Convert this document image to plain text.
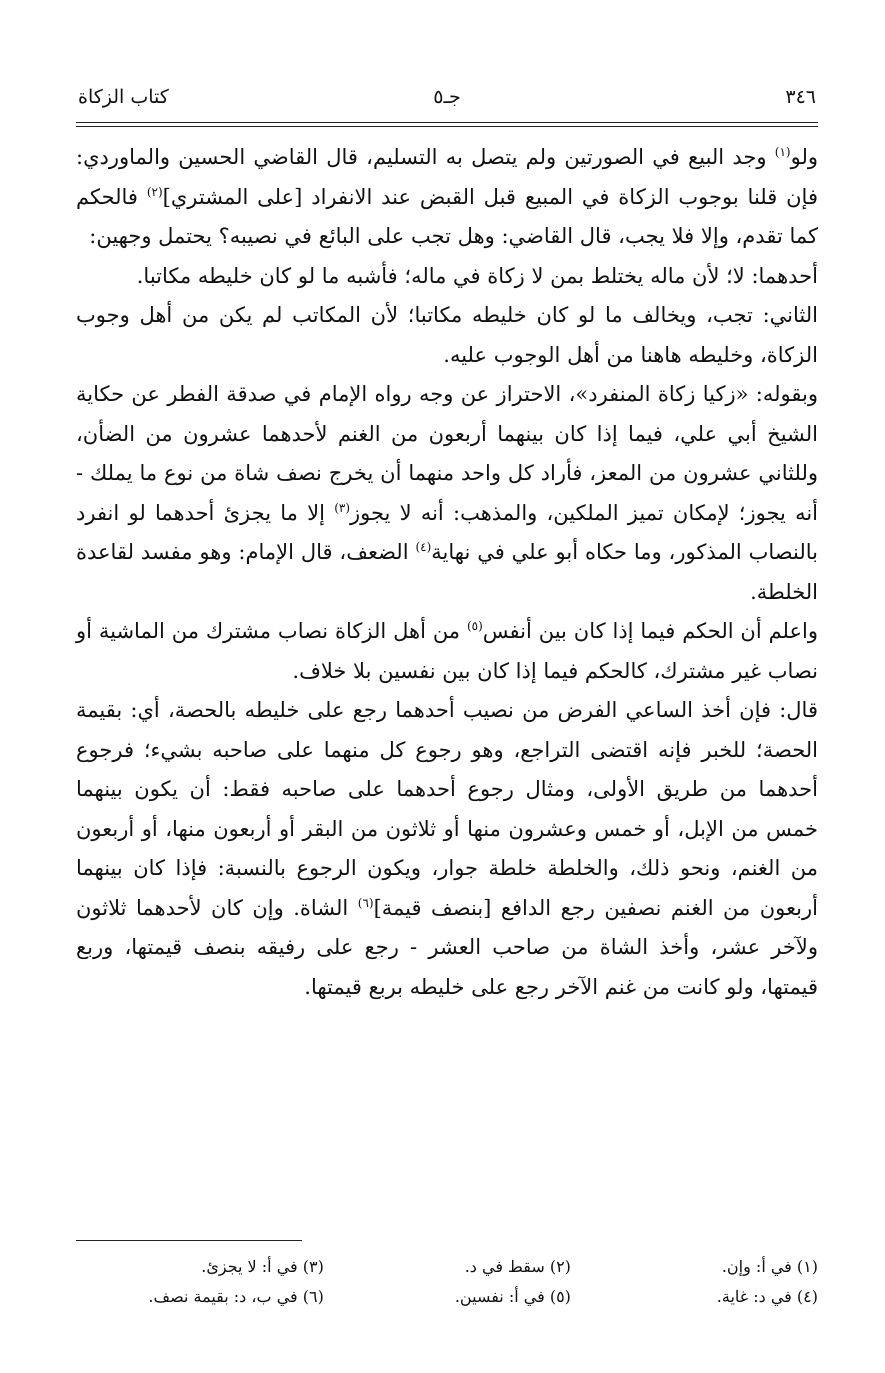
٣٤٦
جـ٥
كتاب الزكاة

ولو$^{(١)}$ وجد البيع في الصورتين ولم يتصل به التسليم، قال القاضي الحسين والماوردي: فإن قلنا بوجوب الزكاة في المبيع قبل القبض عند الانفراد [على المشتري]$^{(٢)}$ فالحكم كما تقدم، وإلا فلا يجب، قال القاضي: وهل تجب على البائع في نصيبه؟ يحتمل وجهين:

أحدهما: لا؛ لأن ماله يختلط بمن لا زكاة في ماله؛ فأشبه ما لو كان خليطه مكاتبا.

الثاني: تجب، ويخالف ما لو كان خليطه مكاتبا؛ لأن المكاتب لم يكن من أهل وجوب الزكاة، وخليطه هاهنا من أهل الوجوب عليه.

وبقوله: «زكيا زكاة المنفرد»، الاحتراز عن وجه رواه الإمام في صدقة الفطر عن حكاية الشيخ أبي علي، فيما إذا كان بينهما أربعون من الغنم لأحدهما عشرون من الضأن، وللثاني عشرون من المعز، فأراد كل واحد منهما أن يخرج نصف شاة من نوع ما يملك - أنه يجوز؛ لإمكان تميز الملكين، والمذهب: أنه لا يجوز$^{(٣)}$ إلا ما يجزئ أحدهما لو انفرد بالنصاب المذكور، وما حكاه أبو علي في نهاية$^{(٤)}$ الضعف، قال الإمام: وهو مفسد لقاعدة الخلطة.

واعلم أن الحكم فيما إذا كان بين أنفس$^{(٥)}$ من أهل الزكاة نصاب مشترك من الماشية أو نصاب غير مشترك، كالحكم فيما إذا كان بين نفسين بلا خلاف.

قال: فإن أخذ الساعي الفرض من نصيب أحدهما رجع على خليطه بالحصة، أي: بقيمة الحصة؛ للخبر فإنه اقتضى التراجع، وهو رجوع كل منهما على صاحبه بشيء؛ فرجوع أحدهما من طريق الأولى، ومثال رجوع أحدهما على صاحبه فقط: أن يكون بينهما خمس من الإبل، أو خمس وعشرون منها أو ثلاثون من البقر أو أربعون منها، أو أربعون من الغنم، ونحو ذلك، والخلطة خلطة جوار، ويكون الرجوع بالنسبة: فإذا كان بينهما أربعون من الغنم نصفين رجع الدافع [بنصف قيمة]$^{(٦)}$ الشاة. وإن كان لأحدهما ثلاثون ولآخر عشر، وأخذ الشاة من صاحب العشر - رجع على رفيقه بنصف قيمتها، وربع قيمتها، ولو كانت من غنم الآخر رجع على خليطه بربع قيمتها.

(١) في أ: وإن.
(٢) سقط في د.
(٣) في أ: لا يجزئ.
(٤) في د: غاية.
(٥) في أ: نفسين.
(٦) في ب، د: بقيمة نصف.
